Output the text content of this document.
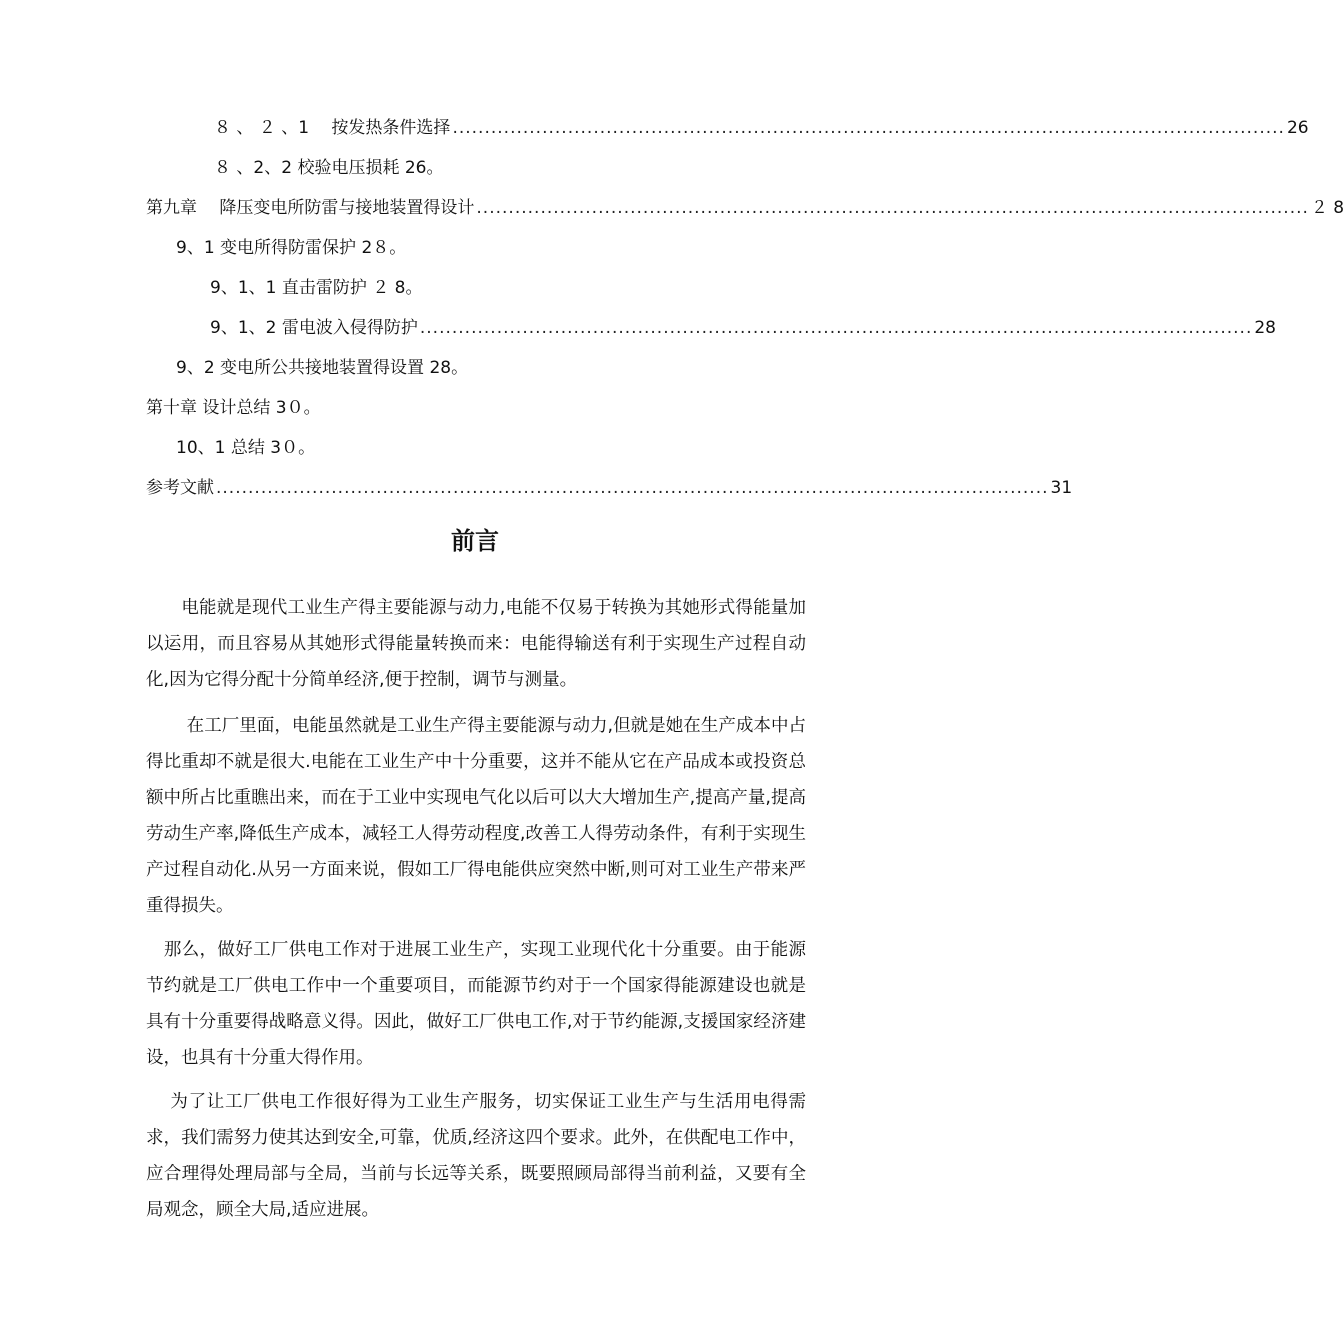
８ 、 ２ 、1　 按发热条件选择 .................................................................................................................................. 26
８ 、2、2 校验电压损耗 26。
第九章 　降压变电所防雷与接地装置得设计 .................................................................................................................................. ２ 8
9、1 变电所得防雷保护 2８。
9、1、1 直击雷防护 ２ 8。
9、1、2 雷电波入侵得防护 .................................................................................................................................. 28
9、2 变电所公共接地装置得设置 28。
第十章 设计总结 3０。
10、1 总结 3０。
参考文献 .................................................................................................................................. 31
前言

　　电能就是现代工业生产得主要能源与动力,电能不仅易于转换为其她形式得能量加以运用，而且容易从其她形式得能量转换而来：电能得输送有利于实现生产过程自动化,因为它得分配十分简单经济,便于控制，调节与测量。

　　 在工厂里面，电能虽然就是工业生产得主要能源与动力,但就是她在生产成本中占得比重却不就是很大.电能在工业生产中十分重要，这并不能从它在产品成本或投资总额中所占比重瞧出来，而在于工业中实现电气化以后可以大大增加生产,提高产量,提高劳动生产率,降低生产成本，减轻工人得劳动程度,改善工人得劳动条件，有利于实现生产过程自动化.从另一方面来说，假如工厂得电能供应突然中断,则可对工业生产带来严重得损失。

　那么，做好工厂供电工作对于进展工业生产，实现工业现代化十分重要。由于能源节约就是工厂供电工作中一个重要项目，而能源节约对于一个国家得能源建设也就是具有十分重要得战略意义得。因此，做好工厂供电工作,对于节约能源,支援国家经济建设，也具有十分重大得作用。

　 为了让工厂供电工作很好得为工业生产服务，切实保证工业生产与生活用电得需求，我们需努力使其达到安全,可靠，优质,经济这四个要求。此外，在供配电工作中，应合理得处理局部与全局，当前与长远等关系，既要照顾局部得当前利益，又要有全局观念，顾全大局,适应进展。
